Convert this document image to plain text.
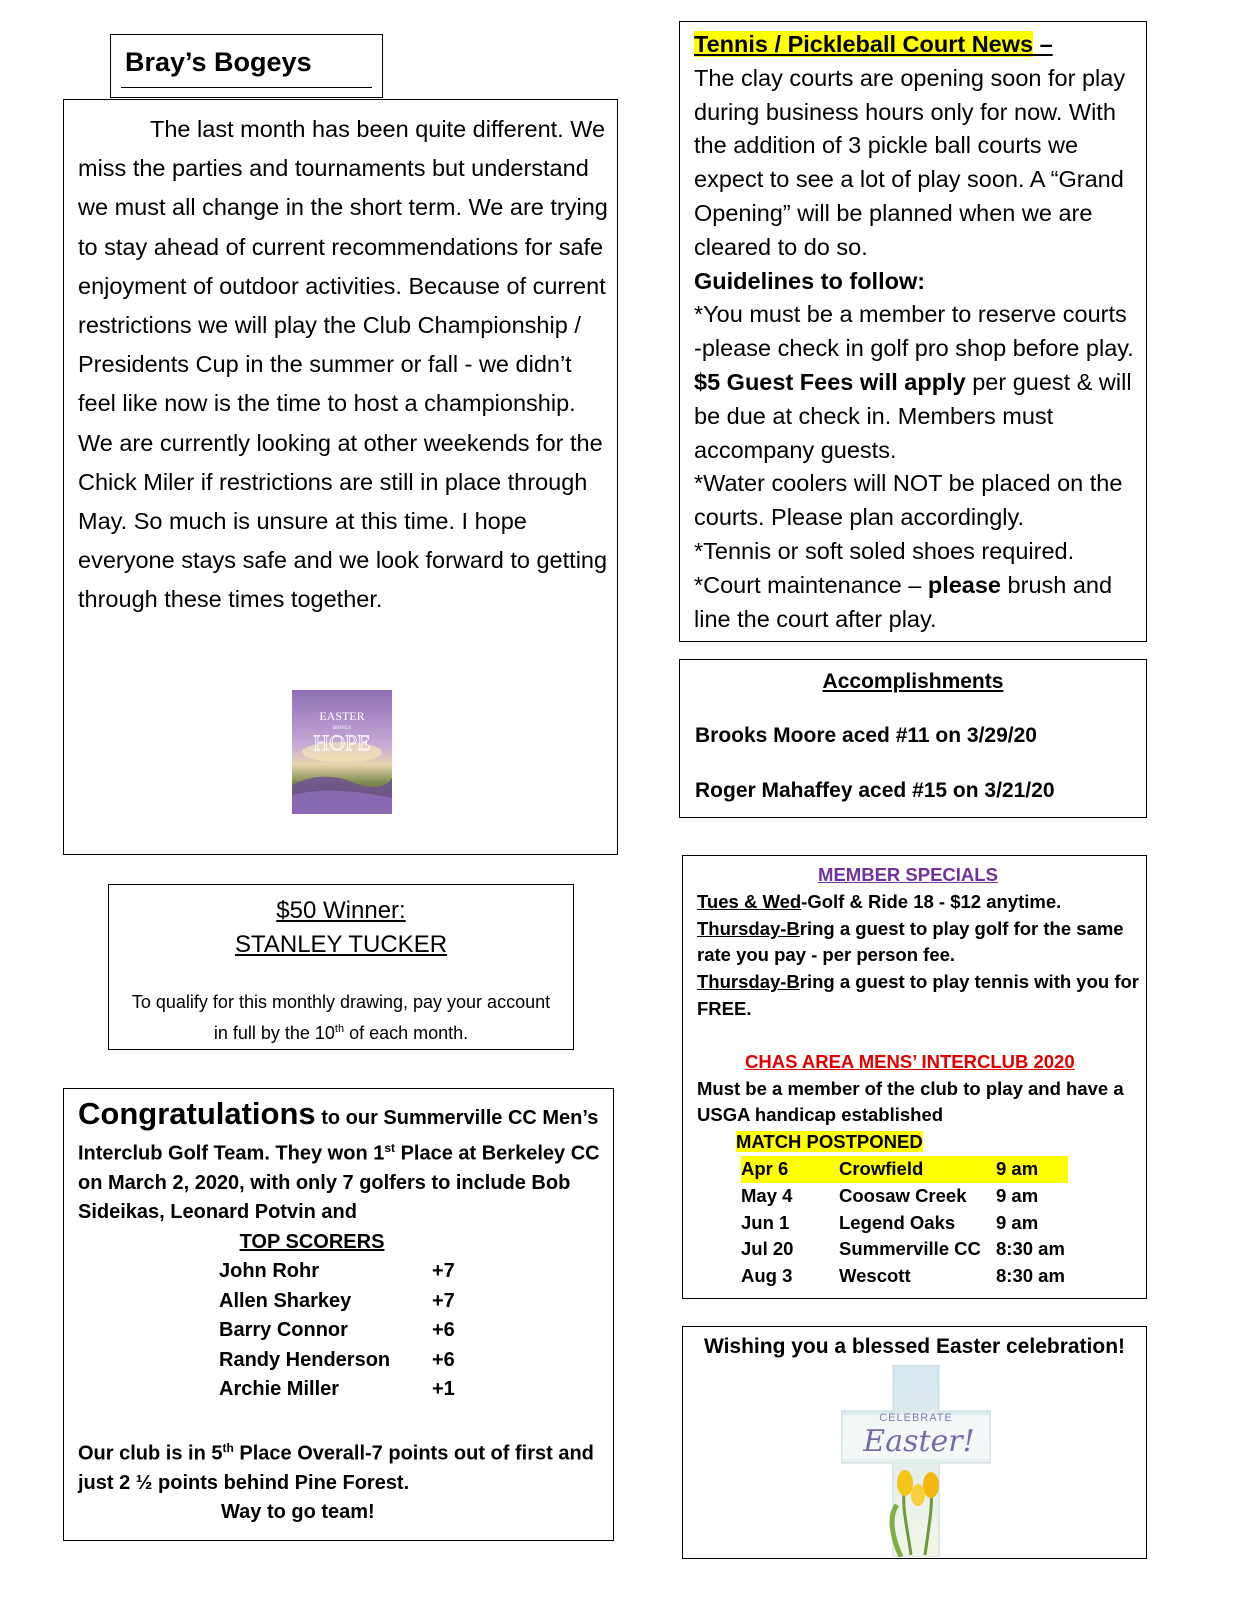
Bray’s Bogeys

The last month has been quite different. We miss the parties and tournaments but understand we must all change in the short term. We are trying to stay ahead of current recommendations for safe enjoyment of outdoor activities. Because of current restrictions we will play the Club Championship / Presidents Cup in the summer or fall - we didn’t feel like now is the time to host a championship. We are currently looking at other weekends for the Chick Miler if restrictions are still in place through May. So much is unsure at this time. I hope everyone stays safe and we look forward to getting through these times together.

EASTER
BRINGS
HOPE
$50 Winner:
STANLEY TUCKER
To qualify for this monthly drawing, pay your account in full by the 10th of each month.
Congratulations to our Summerville CC Men’s Interclub Golf Team. They won 1st Place at Berkeley CC on March 2, 2020, with only 7 golfers to include Bob Sideikas, Leonard Potvin and
TOP SCORERS
John Rohr	+7
Allen Sharkey	+7
Barry Connor	+6
Randy Henderson	+6
Archie Miller	+1
Our club is in 5th Place Overall-7 points out of first and just 2 ½ points behind Pine Forest.
Way to go team!
Tennis / Pickleball Court News –
The clay courts are opening soon for play during business hours only for now. With the addition of 3 pickle ball courts we expect to see a lot of play soon. A “Grand Opening” will be planned when we are cleared to do so.
Guidelines to follow:
*You must be a member to reserve courts -please check in golf pro shop before play. $5 Guest Fees will apply per guest & will be due at check in. Members must accompany guests.
*Water coolers will NOT be placed on the courts. Please plan accordingly.
*Tennis or soft soled shoes required.
*Court maintenance – please brush and line the court after play.
Accomplishments
Brooks Moore aced #11 on 3/29/20
Roger Mahaffey aced #15 on 3/21/20
MEMBER SPECIALS
Tues & Wed-Golf & Ride 18 - $12 anytime.
Thursday-Bring a guest to play golf for the same rate you pay - per person fee.
Thursday-Bring a guest to play tennis with you for FREE.
CHAS AREA MENS’ INTERCLUB 2020
Must be a member of the club to play and have a USGA handicap established
MATCH POSTPONED
Apr 6	Crowfield	9 am
May 4	Coosaw Creek	9 am
Jun 1	Legend Oaks	9 am
Jul 20	Summerville CC 8:30 am
Aug 3	Wescott	8:30 am
Wishing you a blessed Easter celebration!
CELEBRATE
Easter!
